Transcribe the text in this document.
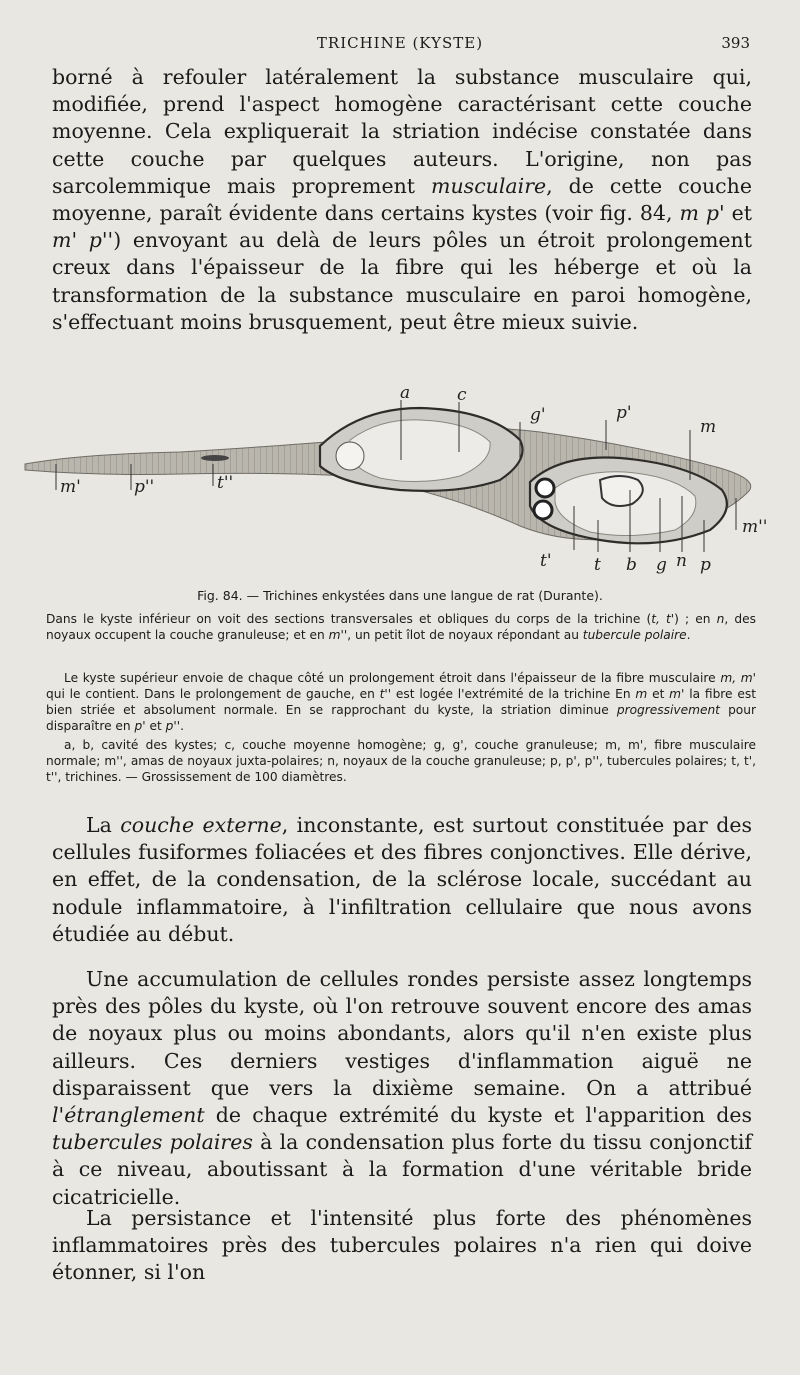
TRICHINE (KYSTE)	393

borné à refouler latéralement la substance musculaire qui, modifiée, prend l'aspect homogène caractérisant cette couche moyenne. Cela expliquerait la striation indécise constatée dans cette couche par quelques auteurs. L'origine, non pas sarcolemmique mais proprement musculaire, de cette couche moyenne, paraît évidente dans certains kystes (voir fig. 84, m p' et m' p'') envoyant au delà de leurs pôles un étroit prolongement creux dans l'épaisseur de la fibre qui les héberge et où la transformation de la substance musculaire en paroi homogène, s'effectuant moins brusquement, peut être mieux suivie.

a	c
g'	p'
m
m'	p''	t''
m''
t' t b g n p
Fig. 84. — Trichines enkystées dans une langue de rat (Durante).

Dans le kyste inférieur on voit des sections transversales et obliques du corps de la trichine (t, t') ; en n, des noyaux occupent la couche granuleuse; et en m'', un petit îlot de noyaux répondant au tubercule polaire.

Le kyste supérieur envoie de chaque côté un prolongement étroit dans l'épaisseur de la fibre musculaire m, m' qui le contient. Dans le prolongement de gauche, en t'' est logée l'extrémité de la trichine En m et m' la fibre est bien striée et absolument normale. En se rapprochant du kyste, la striation diminue progressivement pour disparaître en p' et p''.

a, b, cavité des kystes; c, couche moyenne homogène; g, g', couche granuleuse; m, m', fibre musculaire normale; m'', amas de noyaux juxta-polaires; n, noyaux de la couche granuleuse; p, p', p'', tubercules polaires; t, t', t'', trichines. — Grossissement de 100 diamètres.

La couche externe, inconstante, est surtout constituée par des cellules fusiformes foliacées et des fibres conjonctives. Elle dérive, en effet, de la condensation, de la sclérose locale, succédant au nodule inflammatoire, à l'infiltration cellulaire que nous avons étudiée au début.

Une accumulation de cellules rondes persiste assez longtemps près des pôles du kyste, où l'on retrouve souvent encore des amas de noyaux plus ou moins abondants, alors qu'il n'en existe plus ailleurs. Ces derniers vestiges d'inflammation aiguë ne disparaissent que vers la dixième semaine. On a attribué l'étranglement de chaque extrémité du kyste et l'apparition des tubercules polaires à la condensation plus forte du tissu conjonctif à ce niveau, aboutissant à la formation d'une véritable bride cicatricielle.

La persistance et l'intensité plus forte des phénomènes inflammatoires près des tubercules polaires n'a rien qui doive étonner, si l'on
